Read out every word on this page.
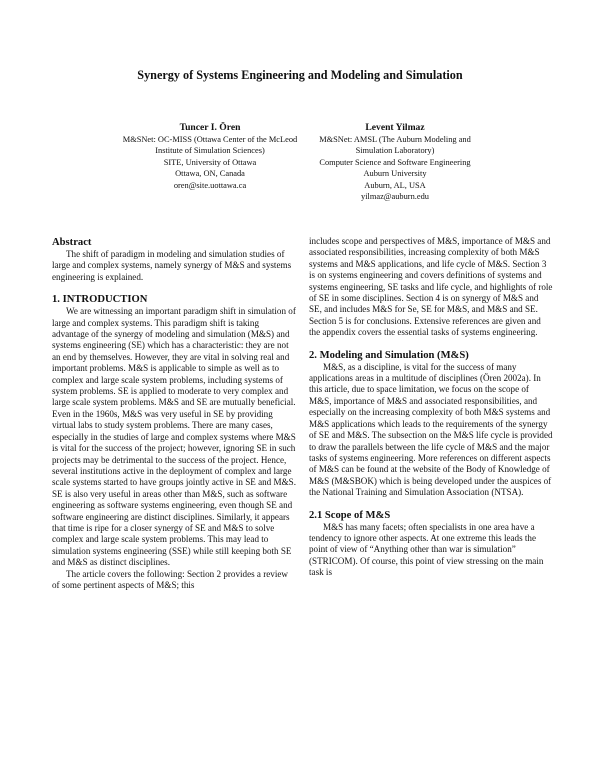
Synergy of Systems Engineering and Modeling and Simulation
Tuncer I. Ören
M&SNet: OC-MISS (Ottawa Center of the McLeod
Institute of Simulation Sciences)
SITE, University of Ottawa
Ottawa, ON, Canada
oren@site.uottawa.ca
Levent Yilmaz
M&SNet: AMSL (The Auburn Modeling and
Simulation Laboratory)
Computer Science and Software Engineering
Auburn University
Auburn, AL, USA
yilmaz@auburn.edu
Abstract

The shift of paradigm in modeling and simulation studies of large and complex systems, namely synergy of M&S and systems engineering is explained.

1. INTRODUCTION

We are witnessing an important paradigm shift in simulation of large and complex systems. This paradigm shift is taking advantage of the synergy of modeling and simulation (M&S) and systems engineering (SE) which has a characteristic: they are not an end by themselves. However, they are vital in solving real and important problems. M&S is applicable to simple as well as to complex and large scale system problems, including systems of system problems. SE is applied to moderate to very complex and large scale system problems. M&S and SE are mutually beneficial. Even in the 1960s, M&S was very useful in SE by providing virtual labs to study system problems. There are many cases, especially in the studies of large and complex systems where M&S is vital for the success of the project; however, ignoring SE in such projects may be detrimental to the success of the project. Hence, several institutions active in the deployment of complex and large scale systems started to have groups jointly active in SE and M&S. SE is also very useful in areas other than M&S, such as software engineering as software systems engineering, even though SE and software engineering are distinct disciplines. Similarly, it appears that time is ripe for a closer synergy of SE and M&S to solve complex and large scale system problems. This may lead to simulation systems engineering (SSE) while still keeping both SE and M&S as distinct disciplines.

The article covers the following: Section 2 provides a review of some pertinent aspects of M&S; this

includes scope and perspectives of M&S, importance of M&S and associated responsibilities, increasing complexity of both M&S systems and M&S applications, and life cycle of M&S. Section 3 is on systems engineering and covers definitions of systems and systems engineering, SE tasks and life cycle, and highlights of role of SE in some disciplines. Section 4 is on synergy of M&S and SE, and includes M&S for Se, SE for M&S, and M&S and SE. Section 5 is for conclusions. Extensive references are given and the appendix covers the essential tasks of systems engineering.

2. Modeling and Simulation (M&S)

M&S, as a discipline, is vital for the success of many applications areas in a multitude of disciplines (Ören 2002a). In this article, due to space limitation, we focus on the scope of M&S, importance of M&S and associated responsibilities, and especially on the increasing complexity of both M&S systems and M&S applications which leads to the requirements of the synergy of SE and M&S. The subsection on the M&S life cycle is provided to draw the parallels between the life cycle of M&S and the major tasks of systems engineering. More references on different aspects of M&S can be found at the website of the Body of Knowledge of M&S (M&SBOK) which is being developed under the auspices of the National Training and Simulation Association (NTSA).

2.1 Scope of M&S

M&S has many facets; often specialists in one area have a tendency to ignore other aspects. At one extreme this leads the point of view of “Anything other than war is simulation” (STRICOM). Of course, this point of view stressing on the main task is
